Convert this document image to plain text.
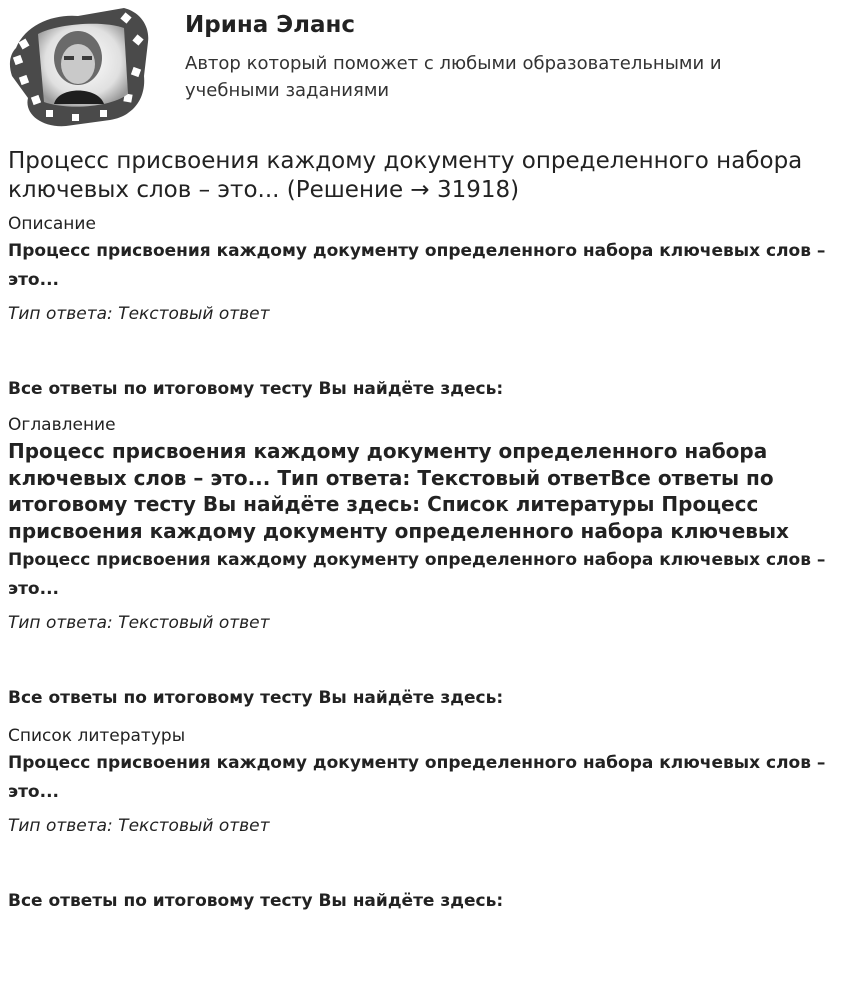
Ирина Эланс
Автор который поможет с любыми образовательными и учебными заданиями
Процесс присвоения каждому документу определенного набора ключевых слов – это... (Решение → 31918)
Описание
Процесс присвоения каждому документу определенного набора ключевых слов – это...
Тип ответа: Текстовый ответ
Все ответы по итоговому тесту Вы найдёте здесь:
Оглавление
Процесс присвоения каждому документу определенного набора ключевых слов – это... Тип ответа: Текстовый ответВсе ответы по итоговому тесту Вы найдёте здесь: Список литературы Процесс присвоения каждому документу определенного набора ключевых
Процесс присвоения каждому документу определенного набора ключевых слов – это...
Тип ответа: Текстовый ответ
Все ответы по итоговому тесту Вы найдёте здесь:
Список литературы
Процесс присвоения каждому документу определенного набора ключевых слов – это...
Тип ответа: Текстовый ответ
Все ответы по итоговому тесту Вы найдёте здесь:
